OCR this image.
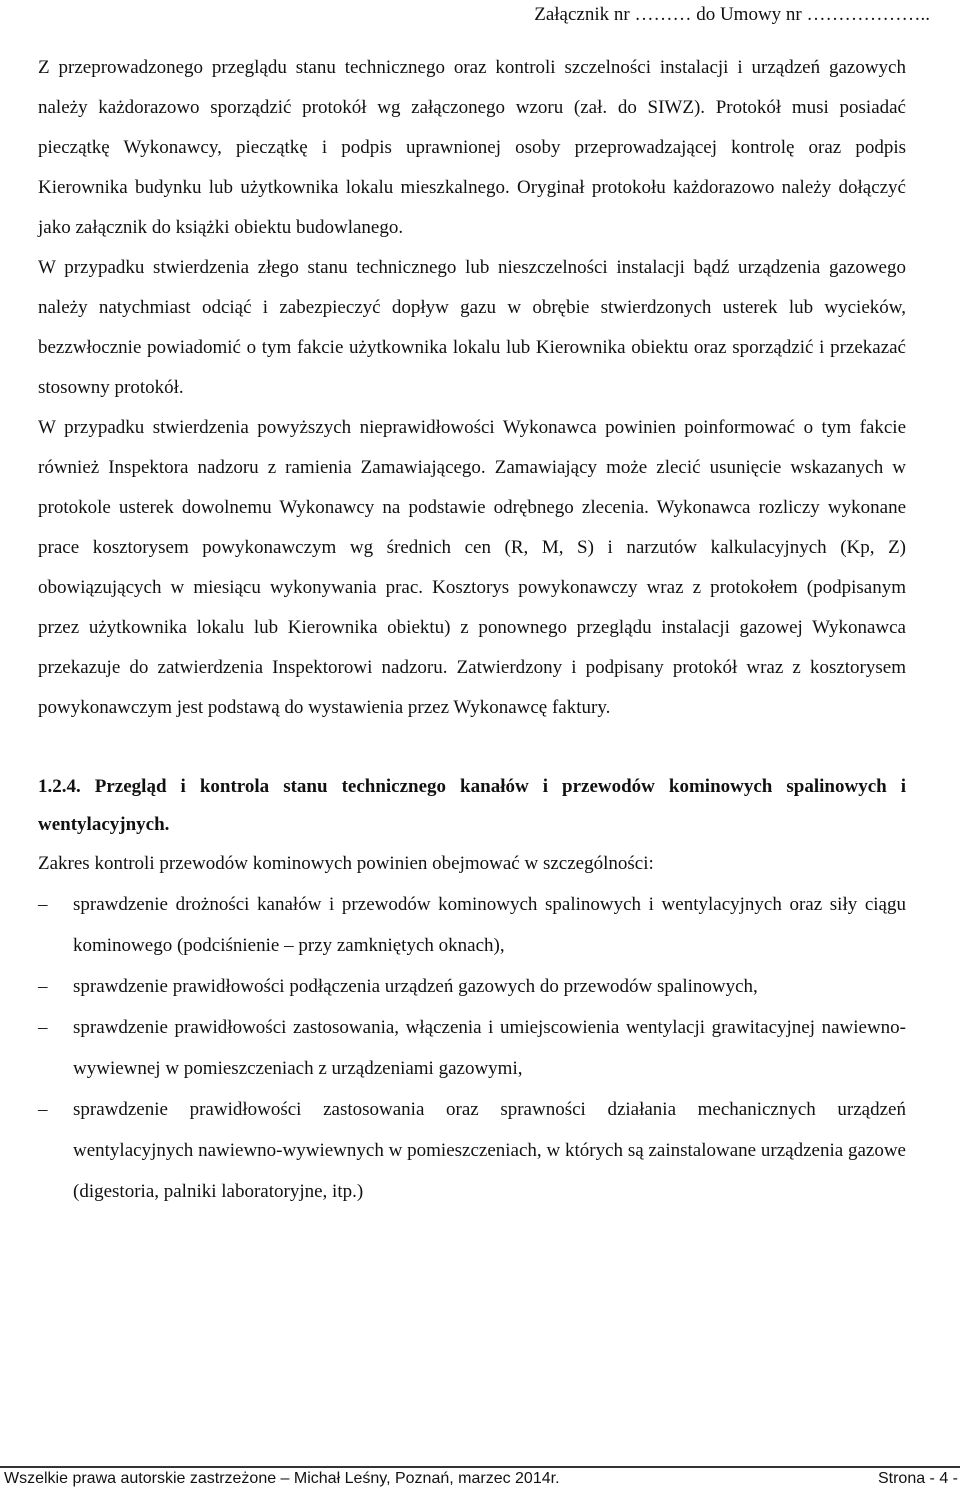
Załącznik nr ……… do Umowy nr ………………..

Z przeprowadzonego przeglądu stanu technicznego oraz kontroli szczelności instalacji i urządzeń gazowych należy każdorazowo sporządzić protokół wg załączonego wzoru (zał. do SIWZ). Protokół musi posiadać pieczątkę Wykonawcy, pieczątkę i podpis uprawnionej osoby przeprowadzającej kontrolę oraz podpis Kierownika budynku lub użytkownika lokalu mieszkalnego. Oryginał protokołu każdorazowo należy dołączyć jako załącznik do książki obiektu budowlanego.

W przypadku stwierdzenia złego stanu technicznego lub nieszczelności instalacji bądź urządzenia gazowego należy natychmiast odciąć i zabezpieczyć dopływ gazu w obrębie stwierdzonych usterek lub wycieków, bezzwłocznie powiadomić o tym fakcie użytkownika lokalu lub Kierownika obiektu oraz sporządzić i przekazać stosowny protokół.

W przypadku stwierdzenia powyższych nieprawidłowości Wykonawca powinien poinformować o tym fakcie również Inspektora nadzoru z ramienia Zamawiającego. Zamawiający może zlecić usunięcie wskazanych w protokole usterek dowolnemu Wykonawcy na podstawie odrębnego zlecenia. Wykonawca rozliczy wykonane prace kosztorysem powykonawczym wg średnich cen (R, M, S) i narzutów kalkulacyjnych (Kp, Z) obowiązujących w miesiącu wykonywania prac. Kosztorys powykonawczy wraz z protokołem (podpisanym przez użytkownika lokalu lub Kierownika obiektu) z ponownego przeglądu instalacji gazowej Wykonawca przekazuje do zatwierdzenia Inspektorowi nadzoru. Zatwierdzony i podpisany protokół wraz z kosztorysem powykonawczym jest podstawą do wystawienia przez Wykonawcę faktury.

1.2.4. Przegląd i kontrola stanu technicznego kanałów i przewodów kominowych spalinowych i wentylacyjnych.

Zakres kontroli przewodów kominowych powinien obejmować w szczególności:

– sprawdzenie drożności kanałów i przewodów kominowych spalinowych i wentylacyjnych oraz siły ciągu kominowego (podciśnienie – przy zamkniętych oknach),
– sprawdzenie prawidłowości podłączenia urządzeń gazowych do przewodów spalinowych,
– sprawdzenie prawidłowości zastosowania, włączenia i umiejscowienia wentylacji grawitacyjnej nawiewno-wywiewnej w pomieszczeniach z urządzeniami gazowymi,
– sprawdzenie prawidłowości zastosowania oraz sprawności działania mechanicznych urządzeń wentylacyjnych nawiewno-wywiewnych w pomieszczeniach, w których są zainstalowane urządzenia gazowe (digestoria, palniki laboratoryjne, itp.)
Wszelkie prawa autorskie zastrzeżone – Michał Leśny, Poznań, marzec 2014r.	Strona - 4 -
